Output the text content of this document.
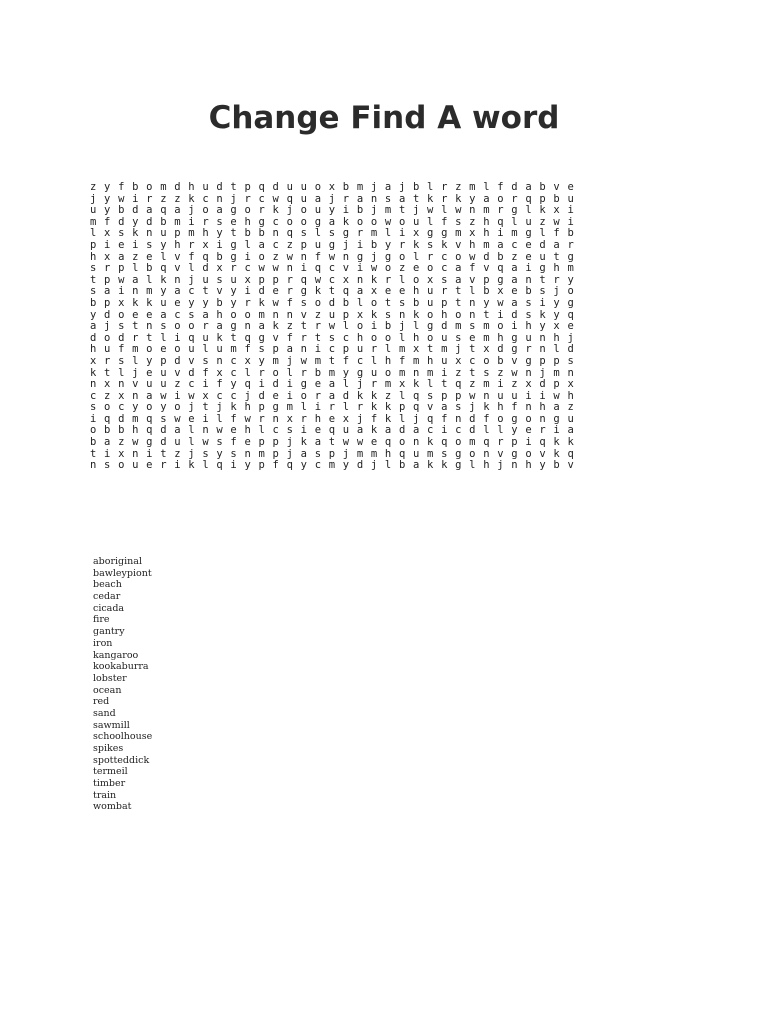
Change Find A word
z y f b o m d h u d t p q d u u o x b m j a j b l r z m l f d a b v e
j y w i r z z k c n j r c w q u a j r a n s a t k r k y a o r q p b u
u y b d a q a j o a g o r k j o u y i b j m t j w l w n m r g l k x i
m f d y d b m i r s e h g c o o g a k o o w o u l f s z h q l u z w i
l x s k n u p m h y t b b n q s l s g r m l i x g g m x h i m g l f b
p i e i s y h r x i g l a c z p u g j i b y r k s k v h m a c e d a r
h x a z e l v f q b g i o z w n f w n g j g o l r c o w d b z e u t g
s r p l b q v l d x r c w w n i q c v i w o z e o c a f v q a i g h m
t p w a l k n j u s u x p p r q w c x n k r l o x s a v p g a n t r y
s a i n m y a c t v y i d e r g k t q a x e e h u r t l b x e b s j o
b p x k k u e y y b y r k w f s o d b l o t s b u p t n y w a s i y g
y d o e e a c s a h o o m n n v z u p x k s n k o h o n t i d s k y q
a j s t n s o o r a g n a k z t r w l o i b j l g d m s m o i h y x e
d o d r t l i q u k t q g v f r t s c h o o l h o u s e m h g u n h j
h u f m o e o u l u m f s p a n i c p u r l m x t m j t x d g r n l d
x r s l y p d v s n c x y m j w m t f c l h f m h u x c o b v g p p s
k t l j e u v d f x c l r o l r b m y g u o m n m i z t s z w n j m n
n x n v u u z c i f y q i d i g e a l j r m x k l t q z m i z x d p x
c z x n a w i w x c c j d e i o r a d k k z l q s p p w n u u i i w h
s o c y o y o j t j k h p g m l i r l r k k p q v a s j k h f n h a z
i q d m q s w e i l f w r n x r h e x j f k l j q f n d f o g o n g u
o b b h q d a l n w e h l c s i e q u a k a d a c i c d l l y e r i a
b a z w g d u l w s f e p p j k a t w w e q o n k q o m q r p i q k k
t i x n i t z j s y s n m p j a s p j m m h q u m s g o n v g o v k q
n s o u e r i k l q i y p f q y c m y d j l b a k k g l h j n h y b v
aboriginal
bawleypiont
beach
cedar
cicada
fire
gantry
iron
kangaroo
kookaburra
lobster
ocean
red
sand
sawmill
schoolhouse
spikes
spotteddick
termeil
timber
train
wombat
